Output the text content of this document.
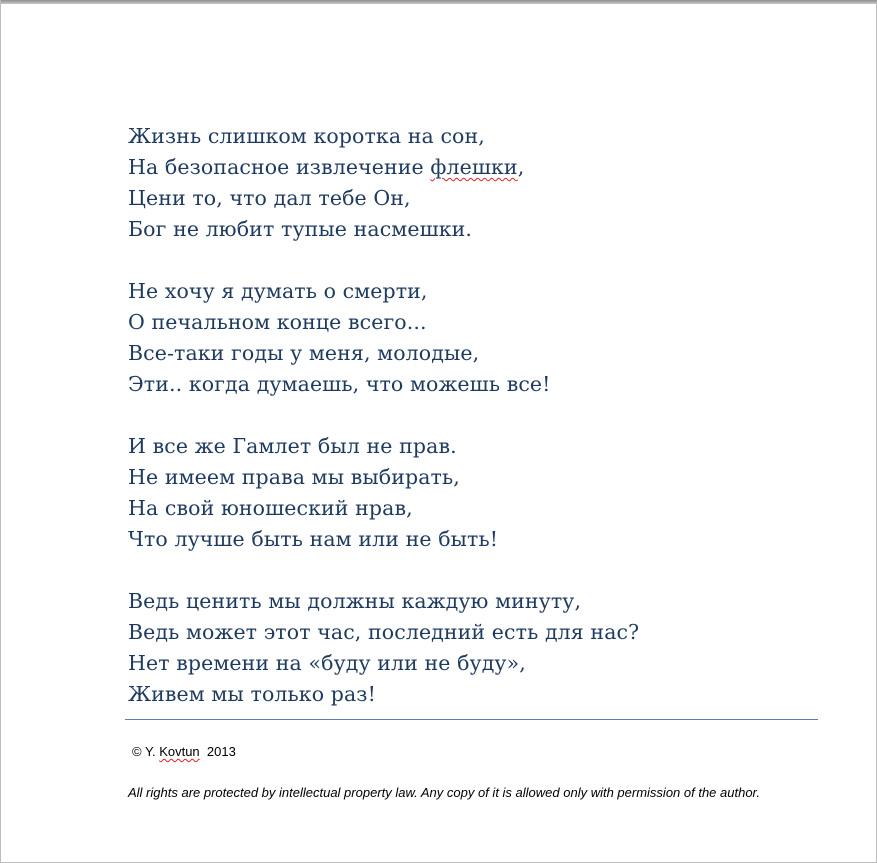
Жизнь слишком коротка на сон,
На безопасное извлечение флешки,
Цени то, что дал тебе Он,
Бог не любит тупые насмешки.
Не хочу я думать о смерти,
О печальном конце всего...
Все-таки годы у меня, молодые,
Эти.. когда думаешь, что можешь все!
И все же Гамлет был не прав.
Не имеем права мы выбирать,
На свой юношеский нрав,
Что лучше быть нам или не быть!
Ведь ценить мы должны каждую минуту,
Ведь может этот час, последний есть для нас?
Нет времени на «буду или не буду»,
Живем мы только раз!
© Y. Kovtun  2013
All rights are protected by intellectual property law. Any copy of it is allowed only with permission of the author.
